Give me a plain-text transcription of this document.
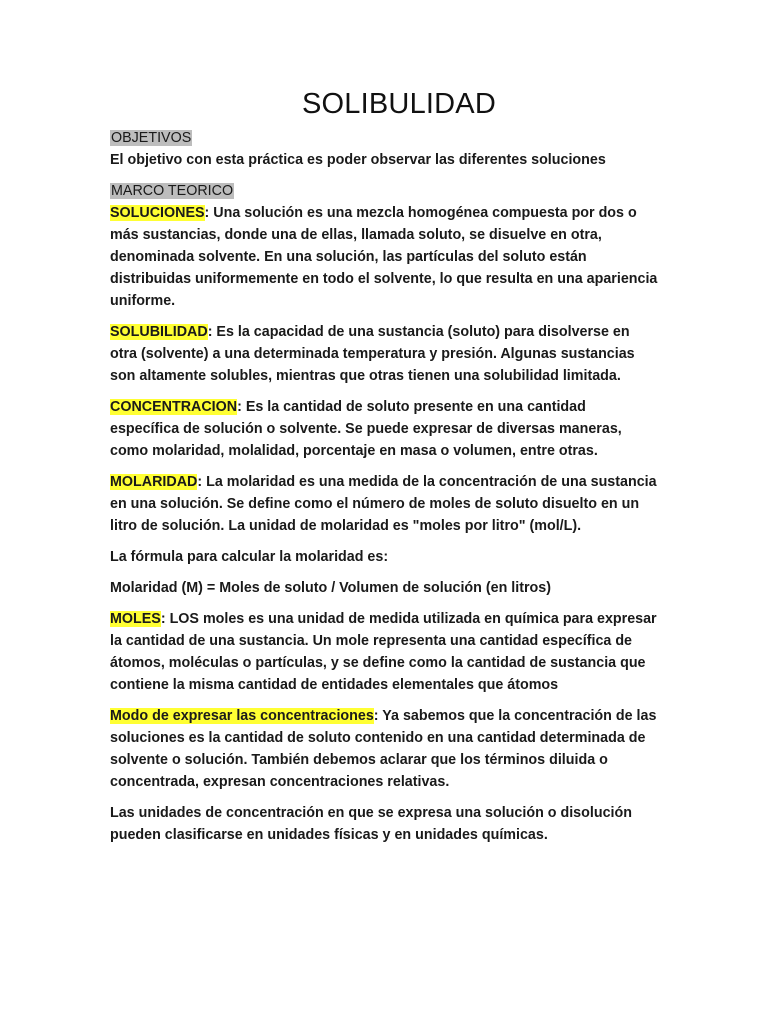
SOLIBULIDAD

OBJETIVOS

El objetivo con esta práctica es poder observar las diferentes soluciones

MARCO TEORICO

SOLUCIONES: Una solución es una mezcla homogénea compuesta por dos o más sustancias, donde una de ellas, llamada soluto, se disuelve en otra, denominada solvente. En una solución, las partículas del soluto están distribuidas uniformemente en todo el solvente, lo que resulta en una apariencia uniforme.

SOLUBILIDAD: Es la capacidad de una sustancia (soluto) para disolverse en otra (solvente) a una determinada temperatura y presión. Algunas sustancias son altamente solubles, mientras que otras tienen una solubilidad limitada.

CONCENTRACION: Es la cantidad de soluto presente en una cantidad específica de solución o solvente. Se puede expresar de diversas maneras, como molaridad, molalidad, porcentaje en masa o volumen, entre otras.

MOLARIDAD: La molaridad es una medida de la concentración de una sustancia en una solución. Se define como el número de moles de soluto disuelto en un litro de solución. La unidad de molaridad es "moles por litro" (mol/L).

La fórmula para calcular la molaridad es:

Molaridad (M) = Moles de soluto / Volumen de solución (en litros)

MOLES: LOS moles es una unidad de medida utilizada en química para expresar la cantidad de una sustancia. Un mole representa una cantidad específica de átomos, moléculas o partículas, y se define como la cantidad de sustancia que contiene la misma cantidad de entidades elementales que átomos

Modo de expresar las concentraciones: Ya sabemos que la concentración de las soluciones es la cantidad de soluto contenido en una cantidad determinada de solvente o solución. También debemos aclarar que los términos diluida o concentrada, expresan concentraciones relativas.

Las unidades de concentración en que se expresa una solución o disolución pueden clasificarse en unidades físicas y en unidades químicas.
